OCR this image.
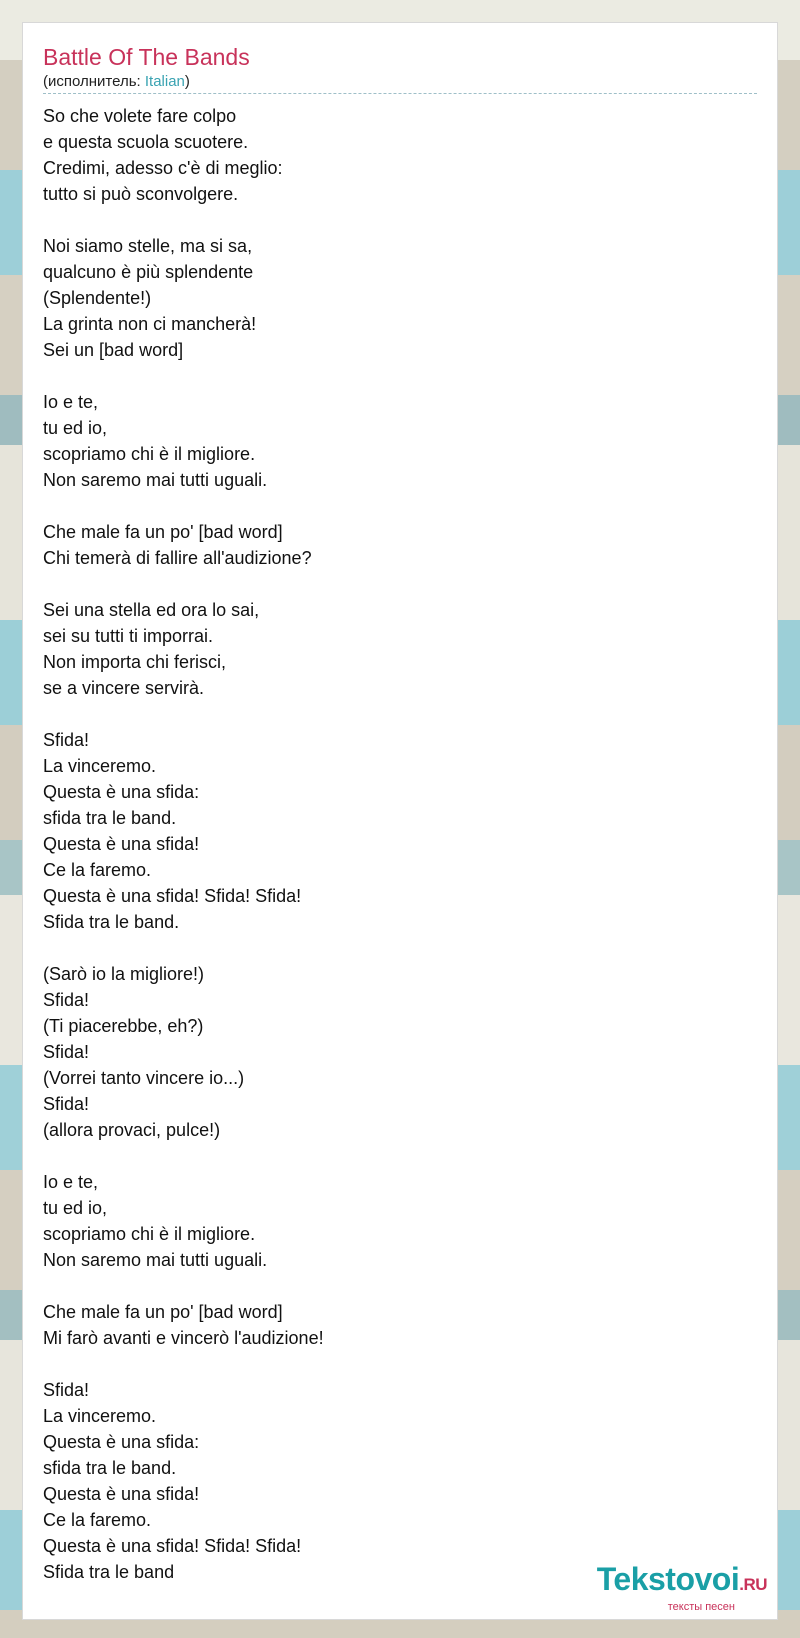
Battle Of The Bands
(исполнитель: Italian)
So che volete fare colpo
e questa scuola scuotere.
Credimi, adesso c'è di meglio:
tutto si può sconvolgere.
Noi siamo stelle, ma si sa,
qualcuno è più splendente
(Splendente!)
La grinta non ci mancherà!
Sei un [bad word]
Io e te,
tu ed io,
scopriamo chi è il migliore.
Non saremo mai tutti uguali.
Che male fa un po' [bad word]
Chi temerà di fallire all'audizione?
Sei una stella ed ora lo sai,
sei su tutti ti imporrai.
Non importa chi ferisci,
se a vincere servirà.
Sfida!
La vinceremo.
Questa è una sfida:
sfida tra le band.
Questa è una sfida!
Ce la faremo.
Questa è una sfida! Sfida! Sfida!
Sfida tra le band.
(Sarò io la migliore!)
Sfida!
(Ti piacerebbe, eh?)
Sfida!
(Vorrei tanto vincere io...)
Sfida!
(allora provaci, pulce!)
Io e te,
tu ed io,
scopriamo chi è il migliore.
Non saremo mai tutti uguali.
Che male fa un po' [bad word]
Mi farò avanti e vincerò l'audizione!
Sfida!
La vinceremo.
Questa è una sfida:
sfida tra le band.
Questa è una sfida!
Ce la faremo.
Questa è una sfida! Sfida! Sfida!
Sfida tra le band	Tekstovoi.RU
тексты песен
